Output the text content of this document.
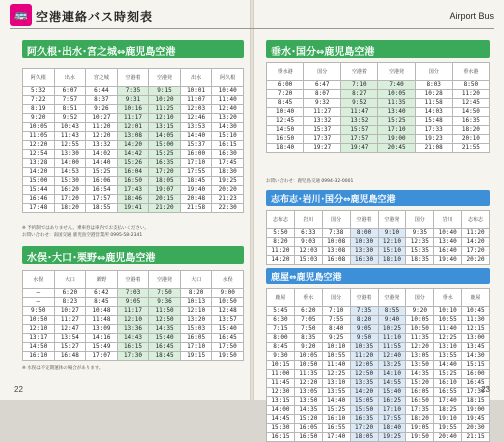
🚌 空港連絡バス時刻表
阿久根･出水･宮之城⇔鹿児島空港
阿久根	出水	宮之城	空港着	空港発	出水	阿久根
5:32	6:07	6:44	7:35	9:15	10:01	10:40
7:22	7:57	8:37	9:31	10:20	11:07	11:40
8:19	8:51	9:26	10:16	11:25	12:03	12:40
9:20	9:52	10:27	11:17	12:10	12:46	13:20
10:05	10:43	11:20	12:01	13:15	13:53	14:30
11:05	11:43	12:20	13:08	14:05	14:40	15:10
12:20	12:55	13:32	14:20	15:00	15:37	16:15
12:54	13:30	14:02	14:42	15:25	16:00	16:30
13:28	14:00	14:40	15:26	16:35	17:10	17:45
14:20	14:53	15:25	16:04	17:20	17:55	18:30
15:00	15:30	16:06	16:50	18:05	18:45	19:25
15:44	16:20	16:54	17:43	19:07	19:40	20:20
16:46	17:20	17:57	18:46	20:15	20:48	21:23
17:48	18:20	18:55	19:41	21:20	21:58	22:30
※ 予約制ではありません。乗車券は車内でお支払いください。
お問い合わせ：南国交通 鹿児島空港営業所 0995-58-2341
水俣･大口･栗野⇔鹿児島空港
水俣	大口	栗野	空港着	空港発	大口	水俣
—	6:20	6:42	7:03	7:50	8:20	9:00
—	8:23	8:45	9:05	9:36	10:13	10:50
9:50	10:27	10:48	11:17	11:50	12:10	12:48
10:50	11:27	11:48	12:10	12:50	13:20	13:57
12:10	12:47	13:09	13:36	14:35	15:03	15:40
13:17	13:54	14:16	14:43	15:40	16:05	16:45
14:50	15:27	15:49	16:15	16:45	17:10	17:50
16:10	16:48	17:07	17:30	18:45	19:15	19:50
※ 水俣は不定期運休の場合があります。
22
Airport Bus
垂水･国分⇔鹿児島空港
垂水港	国分	空港着	空港発	国分	垂水港
6:00	6:47	7:10	7:40	8:03	8:50
7:20	8:07	8:27	10:05	10:28	11:20
8:45	9:32	9:52	11:35	11:58	12:45
10:40	11:27	11:47	13:40	14:03	14:50
12:45	13:32	13:52	15:25	15:48	16:35
14:50	15:37	15:57	17:10	17:33	18:20
16:50	17:37	17:57	19:00	19:23	20:10
18:40	19:27	19:47	20:45	21:08	21:55
お問い合わせ：鹿児島交通 0994-32-0001
志布志･岩川･国分⇔鹿児島空港
志布志	岩川	国分	空港着	空港発	国分	岩川	志布志
5:50	6:33	7:38	8:00	9:10	9:35	10:40	11:20
8:20	9:03	10:08	10:30	12:10	12:35	13:40	14:20
11:20	12:03	13:08	13:30	15:10	15:35	16:40	17:20
14:20	15:03	16:08	16:30	18:10	18:35	19:40	20:20
鹿屋⇔鹿児島空港
鹿屋	垂水	国分	空港着	空港発	国分	垂水	鹿屋
5:45	6:20	7:10	7:35	8:55	9:20	10:10	10:45
6:30	7:05	7:55	8:20	9:40	10:05	10:55	11:30
7:15	7:50	8:40	9:05	10:25	10:50	11:40	12:15
8:00	8:35	9:25	9:50	11:10	11:35	12:25	13:00
8:45	9:20	10:10	10:35	11:55	12:20	13:10	13:45
9:30	10:05	10:55	11:20	12:40	13:05	13:55	14:30
10:15	10:50	11:40	12:05	13:25	13:50	14:40	15:15
11:00	11:35	12:25	12:50	14:10	14:35	15:25	16:00
11:45	12:20	13:10	13:35	14:55	15:20	16:10	16:45
12:30	13:05	13:55	14:20	15:40	16:05	16:55	17:30
13:15	13:50	14:40	15:05	16:25	16:50	17:40	18:15
14:00	14:35	15:25	15:50	17:10	17:35	18:25	19:00
14:45	15:20	16:10	16:35	17:55	18:20	19:10	19:45
15:30	16:05	16:55	17:20	18:40	19:05	19:55	20:30
16:15	16:50	17:40	18:05	19:25	19:50	20:40	21:15
23
